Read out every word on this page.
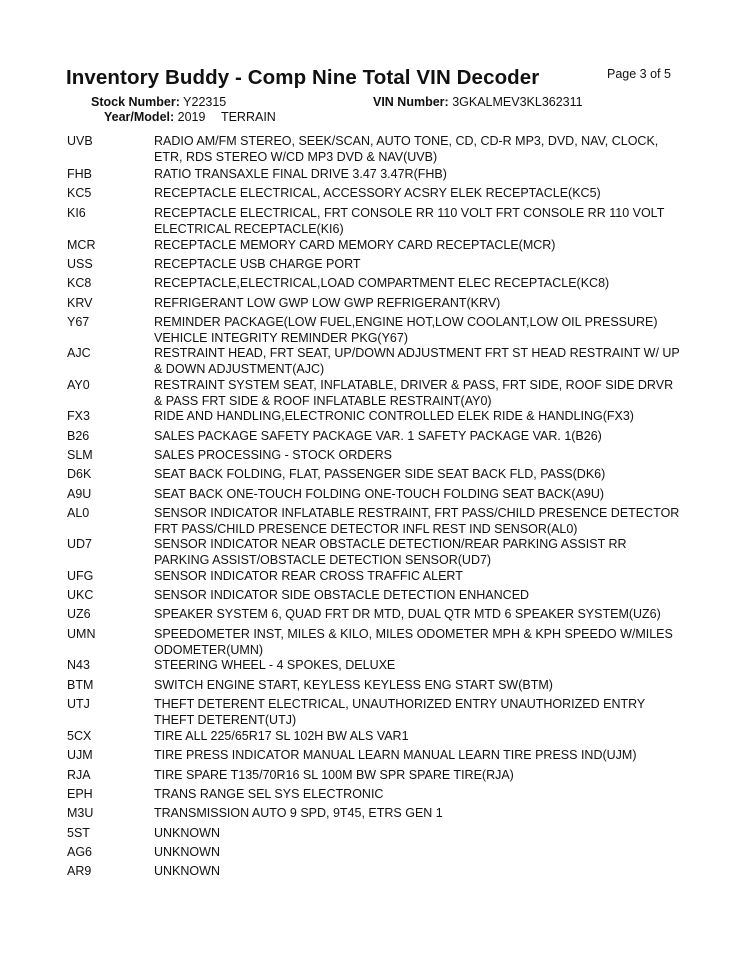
Inventory Buddy - Comp Nine Total VIN Decoder	Page 3 of 5
Stock Number: Y22315	VIN Number: 3GKALMEV3KL362311
Year/Model: 2019 TERRAIN
UVB	RADIO AM/FM STEREO, SEEK/SCAN, AUTO TONE, CD, CD-R MP3, DVD, NAV, CLOCK, ETR, RDS STEREO W/CD MP3 DVD & NAV(UVB)
FHB	RATIO TRANSAXLE FINAL DRIVE 3.47 3.47R(FHB)
KC5	RECEPTACLE ELECTRICAL, ACCESSORY ACSRY ELEK RECEPTACLE(KC5)
KI6	RECEPTACLE ELECTRICAL, FRT CONSOLE RR 110 VOLT FRT CONSOLE RR 110 VOLT ELECTRICAL RECEPTACLE(KI6)
MCR	RECEPTACLE MEMORY CARD MEMORY CARD RECEPTACLE(MCR)
USS	RECEPTACLE USB CHARGE PORT
KC8	RECEPTACLE,ELECTRICAL,LOAD COMPARTMENT ELEC RECEPTACLE(KC8)
KRV	REFRIGERANT LOW GWP LOW GWP REFRIGERANT(KRV)
Y67	REMINDER PACKAGE(LOW FUEL,ENGINE HOT,LOW COOLANT,LOW OIL PRESSURE) VEHICLE INTEGRITY REMINDER PKG(Y67)
AJC	RESTRAINT HEAD, FRT SEAT, UP/DOWN ADJUSTMENT FRT ST HEAD RESTRAINT W/ UP & DOWN ADJUSTMENT(AJC)
AY0	RESTRAINT SYSTEM SEAT, INFLATABLE, DRIVER & PASS, FRT SIDE, ROOF SIDE DRVR & PASS FRT SIDE & ROOF INFLATABLE RESTRAINT(AY0)
FX3	RIDE AND HANDLING,ELECTRONIC CONTROLLED ELEK RIDE & HANDLING(FX3)
B26	SALES PACKAGE SAFETY PACKAGE VAR. 1 SAFETY PACKAGE VAR. 1(B26)
SLM	SALES PROCESSING - STOCK ORDERS
D6K	SEAT BACK FOLDING, FLAT, PASSENGER SIDE SEAT BACK FLD, PASS(DK6)
A9U	SEAT BACK ONE-TOUCH FOLDING ONE-TOUCH FOLDING SEAT BACK(A9U)
AL0	SENSOR INDICATOR INFLATABLE RESTRAINT, FRT PASS/CHILD PRESENCE DETECTOR FRT PASS/CHILD PRESENCE DETECTOR INFL REST IND SENSOR(AL0)
UD7	SENSOR INDICATOR NEAR OBSTACLE DETECTION/REAR PARKING ASSIST RR PARKING ASSIST/OBSTACLE DETECTION SENSOR(UD7)
UFG	SENSOR INDICATOR REAR CROSS TRAFFIC ALERT
UKC	SENSOR INDICATOR SIDE OBSTACLE DETECTION ENHANCED
UZ6	SPEAKER SYSTEM 6, QUAD FRT DR MTD, DUAL QTR MTD 6 SPEAKER SYSTEM(UZ6)
UMN	SPEEDOMETER INST, MILES & KILO, MILES ODOMETER MPH & KPH SPEEDO W/MILES ODOMETER(UMN)
N43	STEERING WHEEL - 4 SPOKES, DELUXE
BTM	SWITCH ENGINE START, KEYLESS KEYLESS ENG START SW(BTM)
UTJ	THEFT DETERENT ELECTRICAL, UNAUTHORIZED ENTRY UNAUTHORIZED ENTRY THEFT DETERENT(UTJ)
5CX	TIRE ALL 225/65R17 SL 102H BW ALS VAR1
UJM	TIRE PRESS INDICATOR MANUAL LEARN MANUAL LEARN TIRE PRESS IND(UJM)
RJA	TIRE SPARE T135/70R16 SL 100M BW SPR SPARE TIRE(RJA)
EPH	TRANS RANGE SEL SYS ELECTRONIC
M3U	TRANSMISSION AUTO 9 SPD, 9T45, ETRS GEN 1
5ST	UNKNOWN
AG6	UNKNOWN
AR9	UNKNOWN
